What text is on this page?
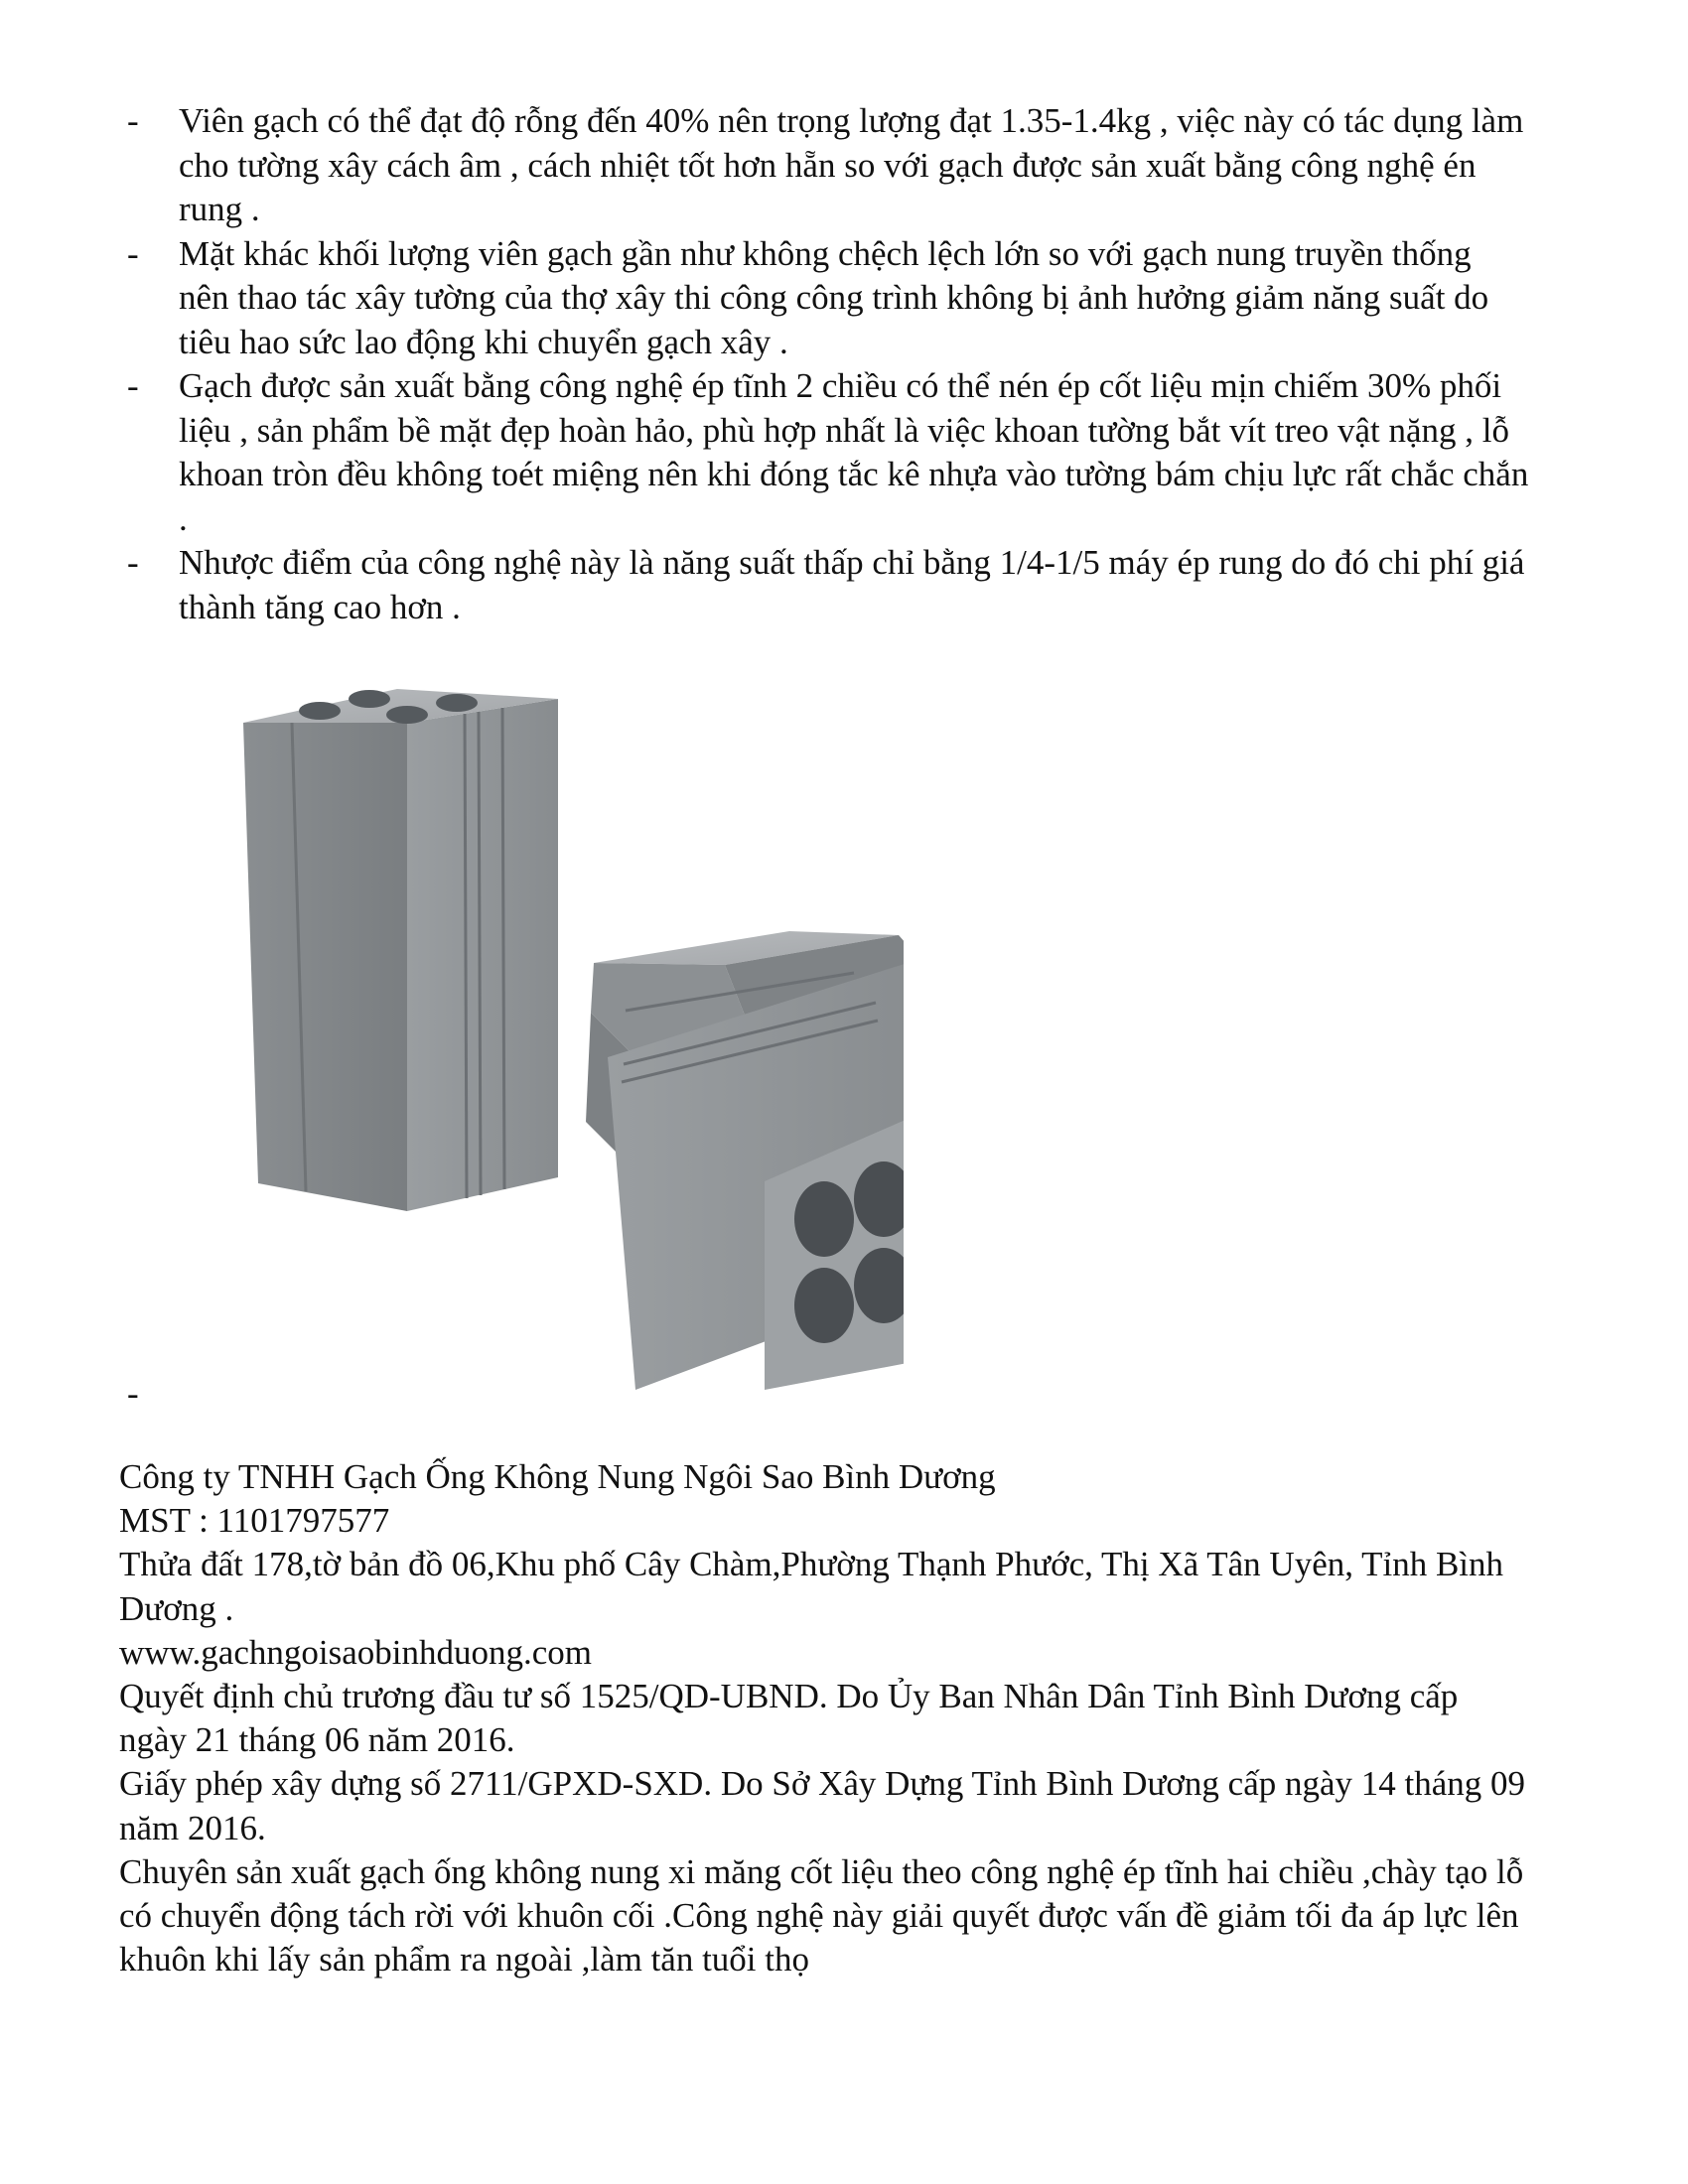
- Viên gạch có thể đạt độ rỗng đến 40% nên trọng lượng đạt 1.35-1.4kg , việc này có tác dụng làm cho tường xây cách âm , cách nhiệt tốt hơn hẵn so với gạch được sản xuất bằng công nghệ én rung .
- Mặt khác khối lượng viên gạch gần như không chệch lệch lớn so với gạch nung truyền thống nên thao tác xây tường của thợ xây thi công công trình không bị ảnh hưởng giảm năng suất do tiêu hao sức lao động khi chuyển gạch xây .
- Gạch được sản xuất bằng công nghệ ép tĩnh 2 chiều có thể nén ép cốt liệu mịn chiếm 30% phối liệu , sản phẩm bề mặt đẹp hoàn hảo, phù hợp nhất là việc khoan tường bắt vít treo vật nặng , lỗ khoan tròn đều không toét miệng nên khi đóng tắc kê nhựa vào tường bám chịu lực rất chắc chắn .
- Nhược điểm của công nghệ này là năng suất thấp chỉ bằng 1/4-1/5 máy ép rung do đó chi phí giá thành tăng cao hơn .
-

Công ty TNHH Gạch Ống Không Nung Ngôi Sao Bình Dương

MST : 1101797577

Thửa đất 178,tờ bản đồ 06,Khu phố Cây Chàm,Phường Thạnh Phước, Thị Xã Tân Uyên, Tỉnh Bình Dương .

www.gachngoisaobinhduong.com

Quyết định chủ trương đầu tư số 1525/QD-UBND. Do Ủy Ban Nhân Dân Tỉnh Bình Dương cấp ngày 21 tháng 06 năm 2016.

Giấy phép xây dựng số 2711/GPXD-SXD. Do Sở Xây Dựng Tỉnh Bình Dương cấp ngày 14 tháng 09 năm 2016.

Chuyên sản xuất gạch ống không nung xi măng cốt liệu theo công nghệ ép tĩnh hai chiều ,chày tạo lỗ có chuyển động tách rời với khuôn cối .Công nghệ này giải quyết được vấn đề giảm tối đa áp lực lên khuôn khi lấy sản phẩm ra ngoài ,làm tăn tuổi thọ
